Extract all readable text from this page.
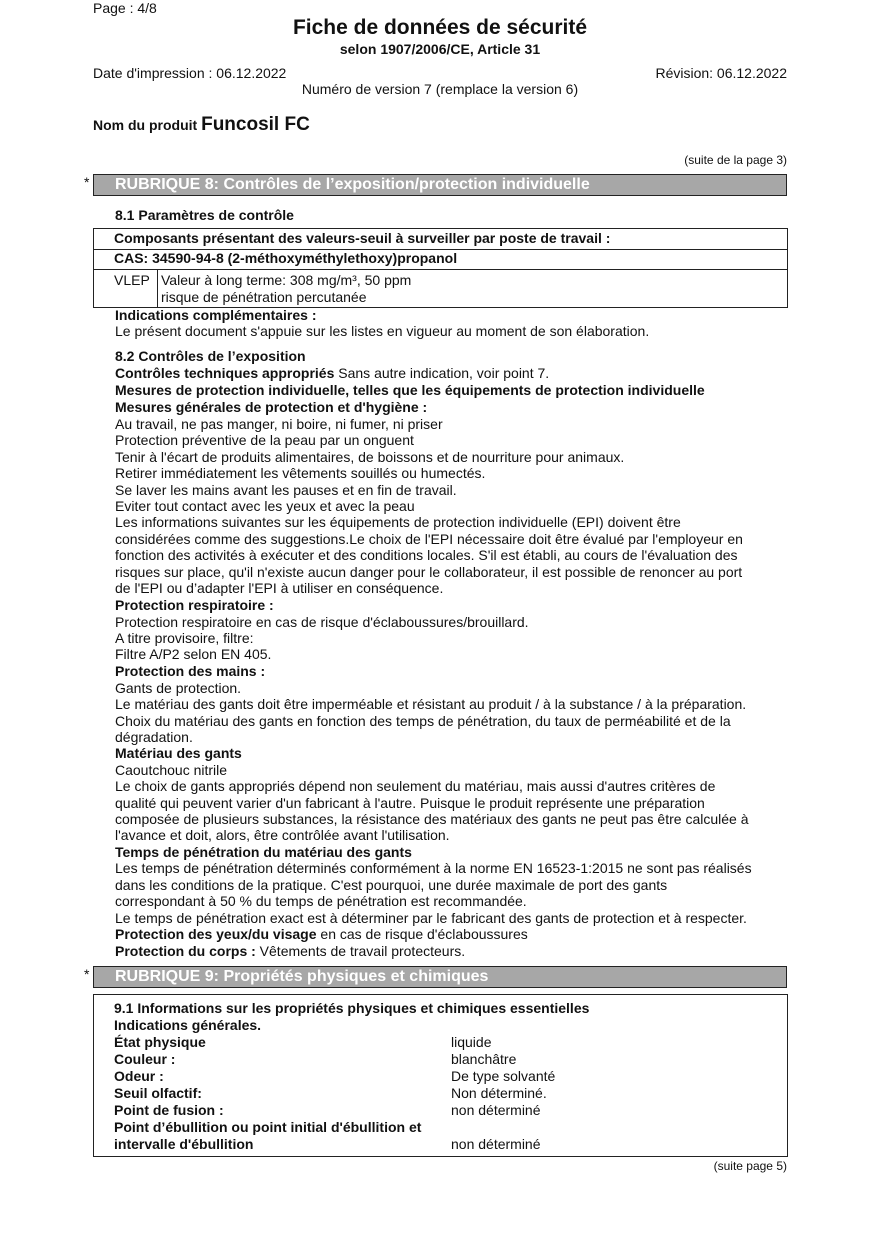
Page : 4/8
Fiche de données de sécurité
selon 1907/2006/CE, Article 31
Date d'impression : 06.12.2022	Révision: 06.12.2022
Numéro de version 7 (remplace la version 6)
Nom du produit Funcosil FC
(suite de la page 3)
* RUBRIQUE 8: Contrôles de l’exposition/protection individuelle
8.1 Paramètres de contrôle
Composants présentant des valeurs-seuil à surveiller par poste de travail :
CAS: 34590-94-8 (2-méthoxyméthylethoxy)propanol
VLEP Valeur à long terme: 308 mg/m³, 50 ppm
risque de pénétration percutanée
Indications complémentaires :
Le présent document s'appuie sur les listes en vigueur au moment de son élaboration.
8.2 Contrôles de l’exposition
Contrôles techniques appropriés Sans autre indication, voir point 7.
Mesures de protection individuelle, telles que les équipements de protection individuelle
Mesures générales de protection et d'hygiène :
Au travail, ne pas manger, ni boire, ni fumer, ni priser
Protection préventive de la peau par un onguent
Tenir à l'écart de produits alimentaires, de boissons et de nourriture pour animaux.
Retirer immédiatement les vêtements souillés ou humectés.
Se laver les mains avant les pauses et en fin de travail.
Eviter tout contact avec les yeux et avec la peau
Les informations suivantes sur les équipements de protection individuelle (EPI) doivent être
considérées comme des suggestions.Le choix de l'EPI nécessaire doit être évalué par l'employeur en
fonction des activités à exécuter et des conditions locales. S'il est établi, au cours de l'évaluation des
risques sur place, qu'il n'existe aucun danger pour le collaborateur, il est possible de renoncer au port
de l'EPI ou d’adapter l'EPI à utiliser en conséquence.
Protection respiratoire :
Protection respiratoire en cas de risque d'éclaboussures/brouillard.
A titre provisoire, filtre:
Filtre A/P2 selon EN 405.
Protection des mains :
Gants de protection.
Le matériau des gants doit être imperméable et résistant au produit / à la substance / à la préparation.
Choix du matériau des gants en fonction des temps de pénétration, du taux de perméabilité et de la
dégradation.
Matériau des gants
Caoutchouc nitrile
Le choix de gants appropriés dépend non seulement du matériau, mais aussi d'autres critères de
qualité qui peuvent varier d'un fabricant à l'autre. Puisque le produit représente une préparation
composée de plusieurs substances, la résistance des matériaux des gants ne peut pas être calculée à
l'avance et doit, alors, être contrôlée avant l'utilisation.
Temps de pénétration du matériau des gants
Les temps de pénétration déterminés conformément à la norme EN 16523-1:2015 ne sont pas réalisés
dans les conditions de la pratique. C'est pourquoi, une durée maximale de port des gants
correspondant à 50 % du temps de pénétration est recommandée.
Le temps de pénétration exact est à déterminer par le fabricant des gants de protection et à respecter.
Protection des yeux/du visage en cas de risque d'éclaboussures
Protection du corps : Vêtements de travail protecteurs.
* RUBRIQUE 9: Propriétés physiques et chimiques
9.1 Informations sur les propriétés physiques et chimiques essentielles
Indications générales.
État physique	liquide
Couleur :	blanchâtre
Odeur :	De type solvanté
Seuil olfactif:	Non déterminé.
Point de fusion :	non déterminé
Point d’ébullition ou point initial d'ébullition et
intervalle d'ébullition	non déterminé
(suite page 5)
